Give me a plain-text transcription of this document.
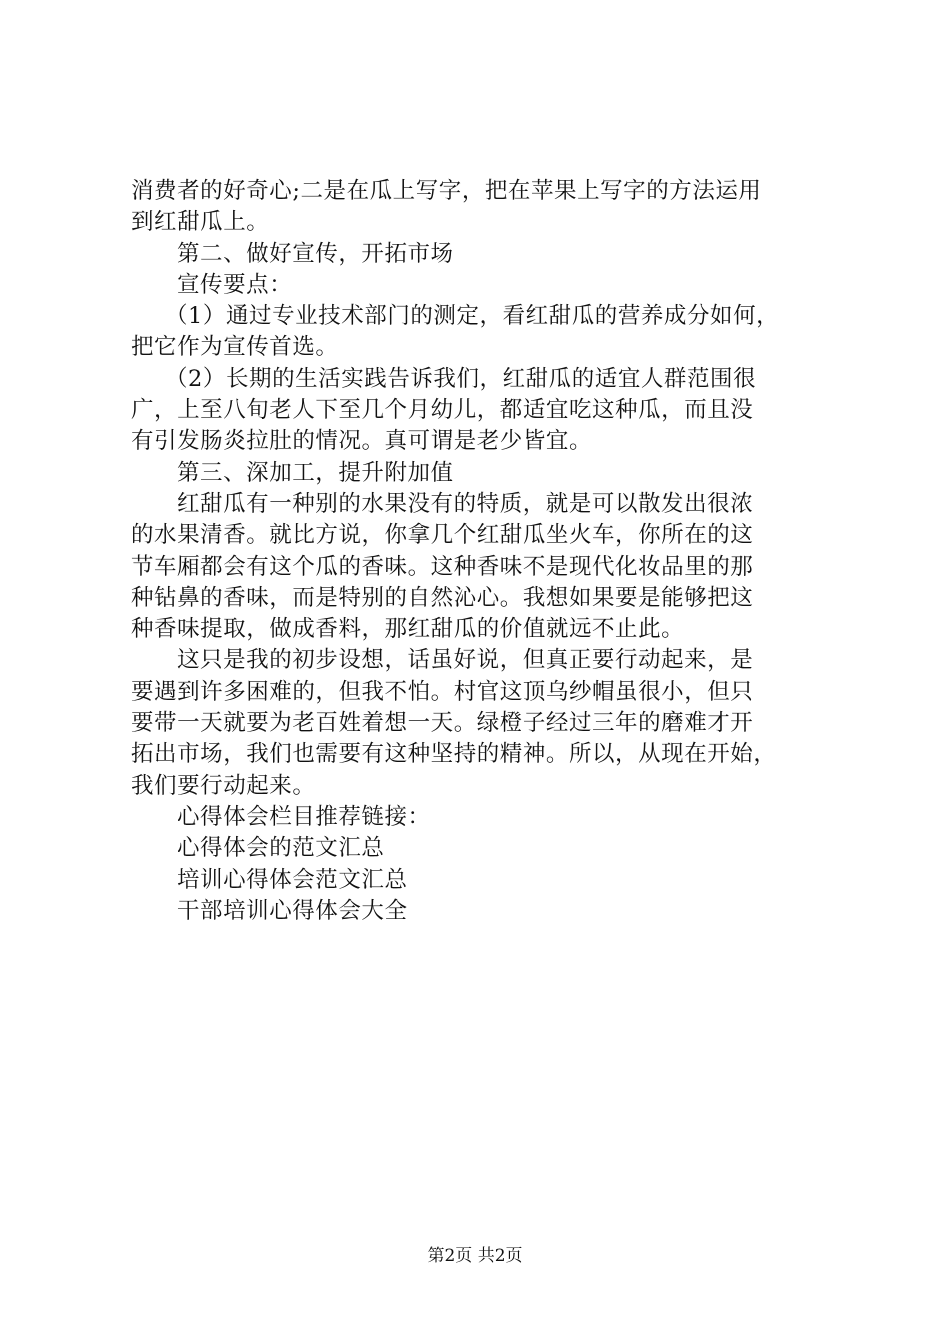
消费者的好奇心;二是在瓜上写字，把在苹果上写字的方法运用
到红甜瓜上。
第二、做好宣传，开拓市场
宣传要点：
（1）通过专业技术部门的测定，看红甜瓜的营养成分如何，
把它作为宣传首选。
（2）长期的生活实践告诉我们，红甜瓜的适宜人群范围很
广，上至八旬老人下至几个月幼儿，都适宜吃这种瓜，而且没
有引发肠炎拉肚的情况。真可谓是老少皆宜。
第三、深加工，提升附加值
红甜瓜有一种别的水果没有的特质，就是可以散发出很浓
的水果清香。就比方说，你拿几个红甜瓜坐火车，你所在的这
节车厢都会有这个瓜的香味。这种香味不是现代化妆品里的那
种钻鼻的香味，而是特别的自然沁心。我想如果要是能够把这
种香味提取，做成香料，那红甜瓜的价值就远不止此。
这只是我的初步设想，话虽好说，但真正要行动起来，是
要遇到许多困难的，但我不怕。村官这顶乌纱帽虽很小，但只
要带一天就要为老百姓着想一天。绿橙子经过三年的磨难才开
拓出市场，我们也需要有这种坚持的精神。所以，从现在开始，
我们要行动起来。
心得体会栏目推荐链接：
心得体会的范文汇总
培训心得体会范文汇总
干部培训心得体会大全
第2页 共2页
